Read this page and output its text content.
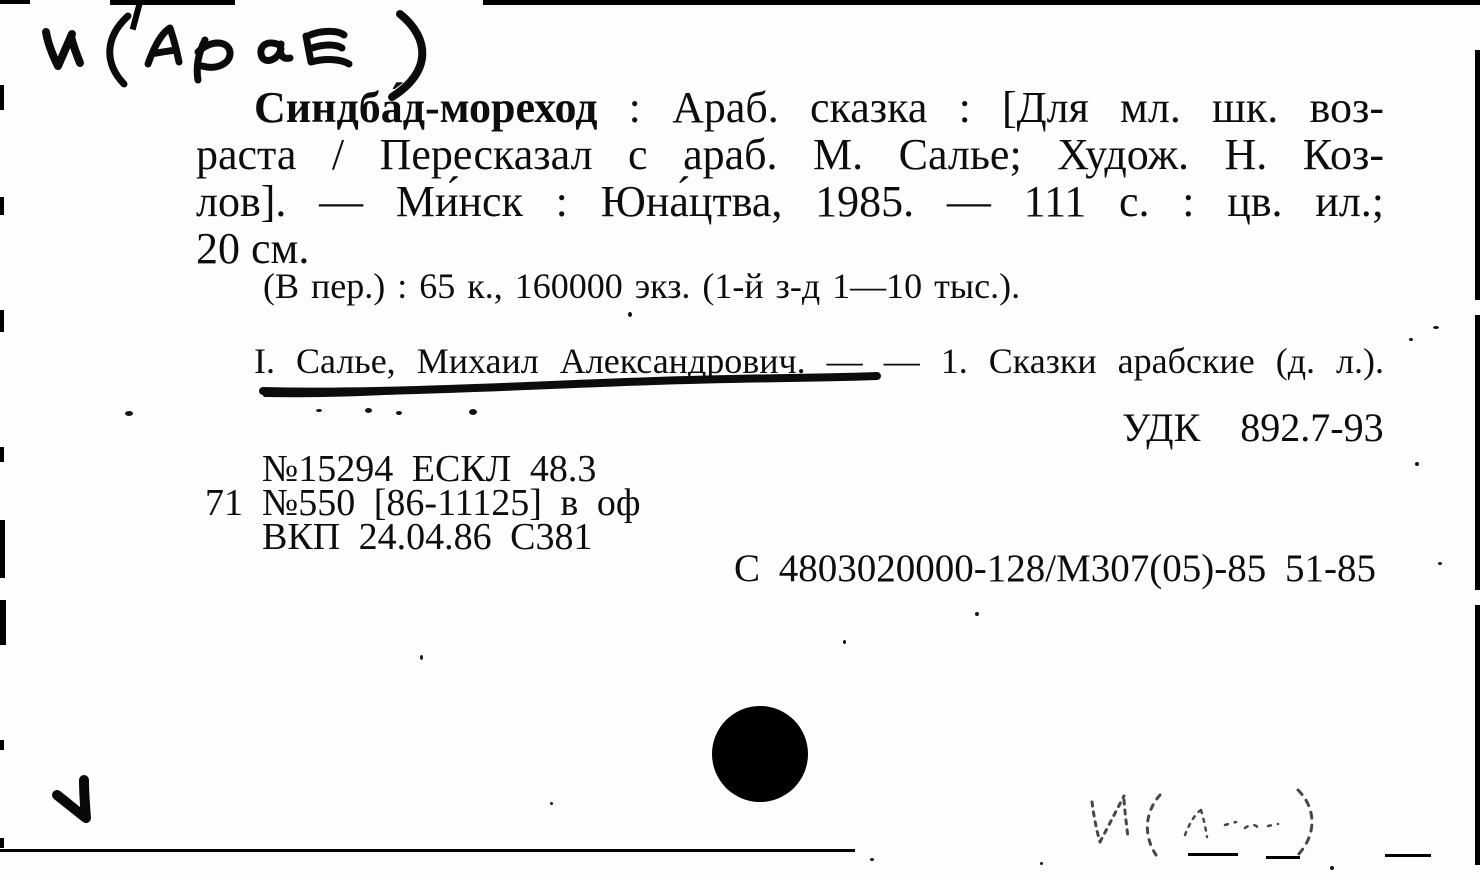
Синдба́д-мореход : Араб. сказка : [Для мл. шк. воз-
раста / Пересказал с араб. М. Салье; Худож. Н. Коз-
лов]. — Ми́нск : Юна́цтва, 1985. — 111 с. : цв. ил.;
20 см.
(В пер.) : 65 к., 160000 экз. (1-й з-д 1—10 тыс.).
I. Салье, Михаил Александрович. — — 1. Сказки арабские (д. л.).
УДК 892.7-93
№15294 ЕСКЛ 48.3
71 №550 [86-11125] в оф
ВКП 24.04.86 С381
С 4803020000-128/М307(05)-85 51-85
